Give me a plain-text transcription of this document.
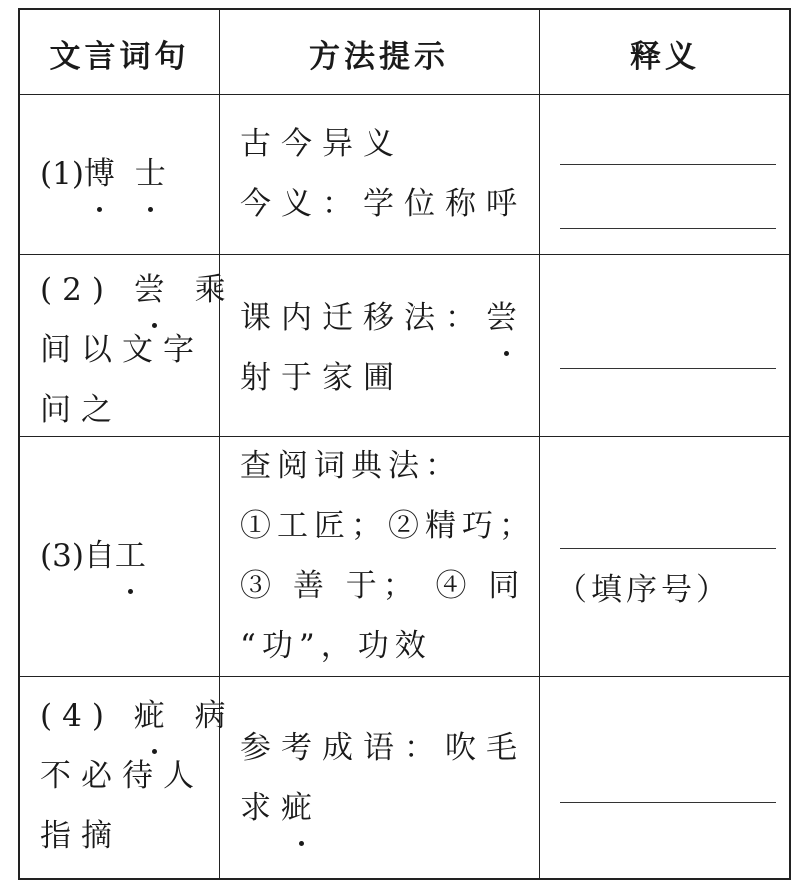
文言词句	方法提示	释义
(1)博 士
古今异义
今义：学位称呼
(2) 尝 乘
间以文字
问之
课内迁移法：尝
射于家圃
(3)自工
查阅词典法：
①工匠；②精巧；
③ 善 于； ④ 同
“功”，功效
（填序号）
(4) 疵 病
不必待人
指摘
参考成语：吹毛
求疵
